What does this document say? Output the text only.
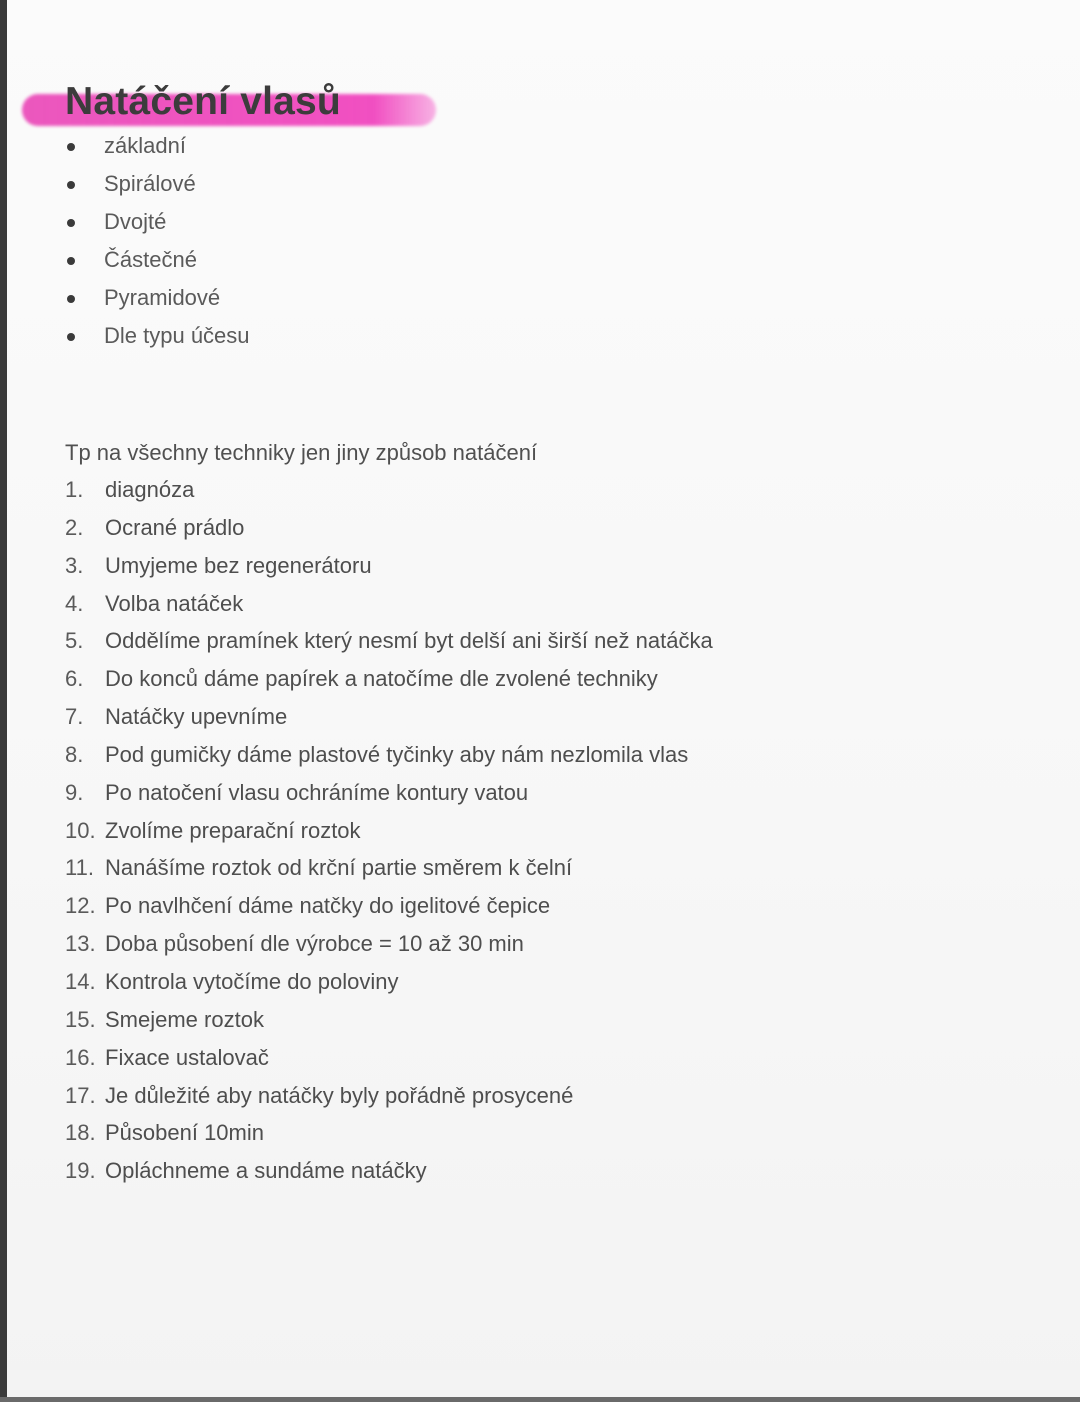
Natáčení vlasů
základní
Spirálové
Dvojté
Částečné
Pyramidové
Dle typu účesu

Tp na všechny techniky jen jiny způsob natáčení

1. diagnóza
2. Ocrané prádlo
3. Umyjeme bez regenerátoru
4. Volba natáček
5. Oddělíme pramínek který nesmí byt delší ani širší než natáčka
6. Do konců dáme papírek a natočíme dle zvolené techniky
7. Natáčky upevníme
8. Pod gumičky dáme plastové tyčinky aby nám nezlomila vlas
9. Po natočení vlasu ochráníme kontury vatou
10. Zvolíme preparační roztok
11. Nanášíme roztok od krční partie směrem k čelní
12. Po navlhčení dáme natčky do igelitové čepice
13. Doba působení dle výrobce = 10 až 30 min
14. Kontrola vytočíme do poloviny
15. Smejeme roztok
16. Fixace ustalovač
17. Je důležité aby natáčky byly pořádně prosycené
18. Působení 10min
19. Opláchneme a sundáme natáčky
